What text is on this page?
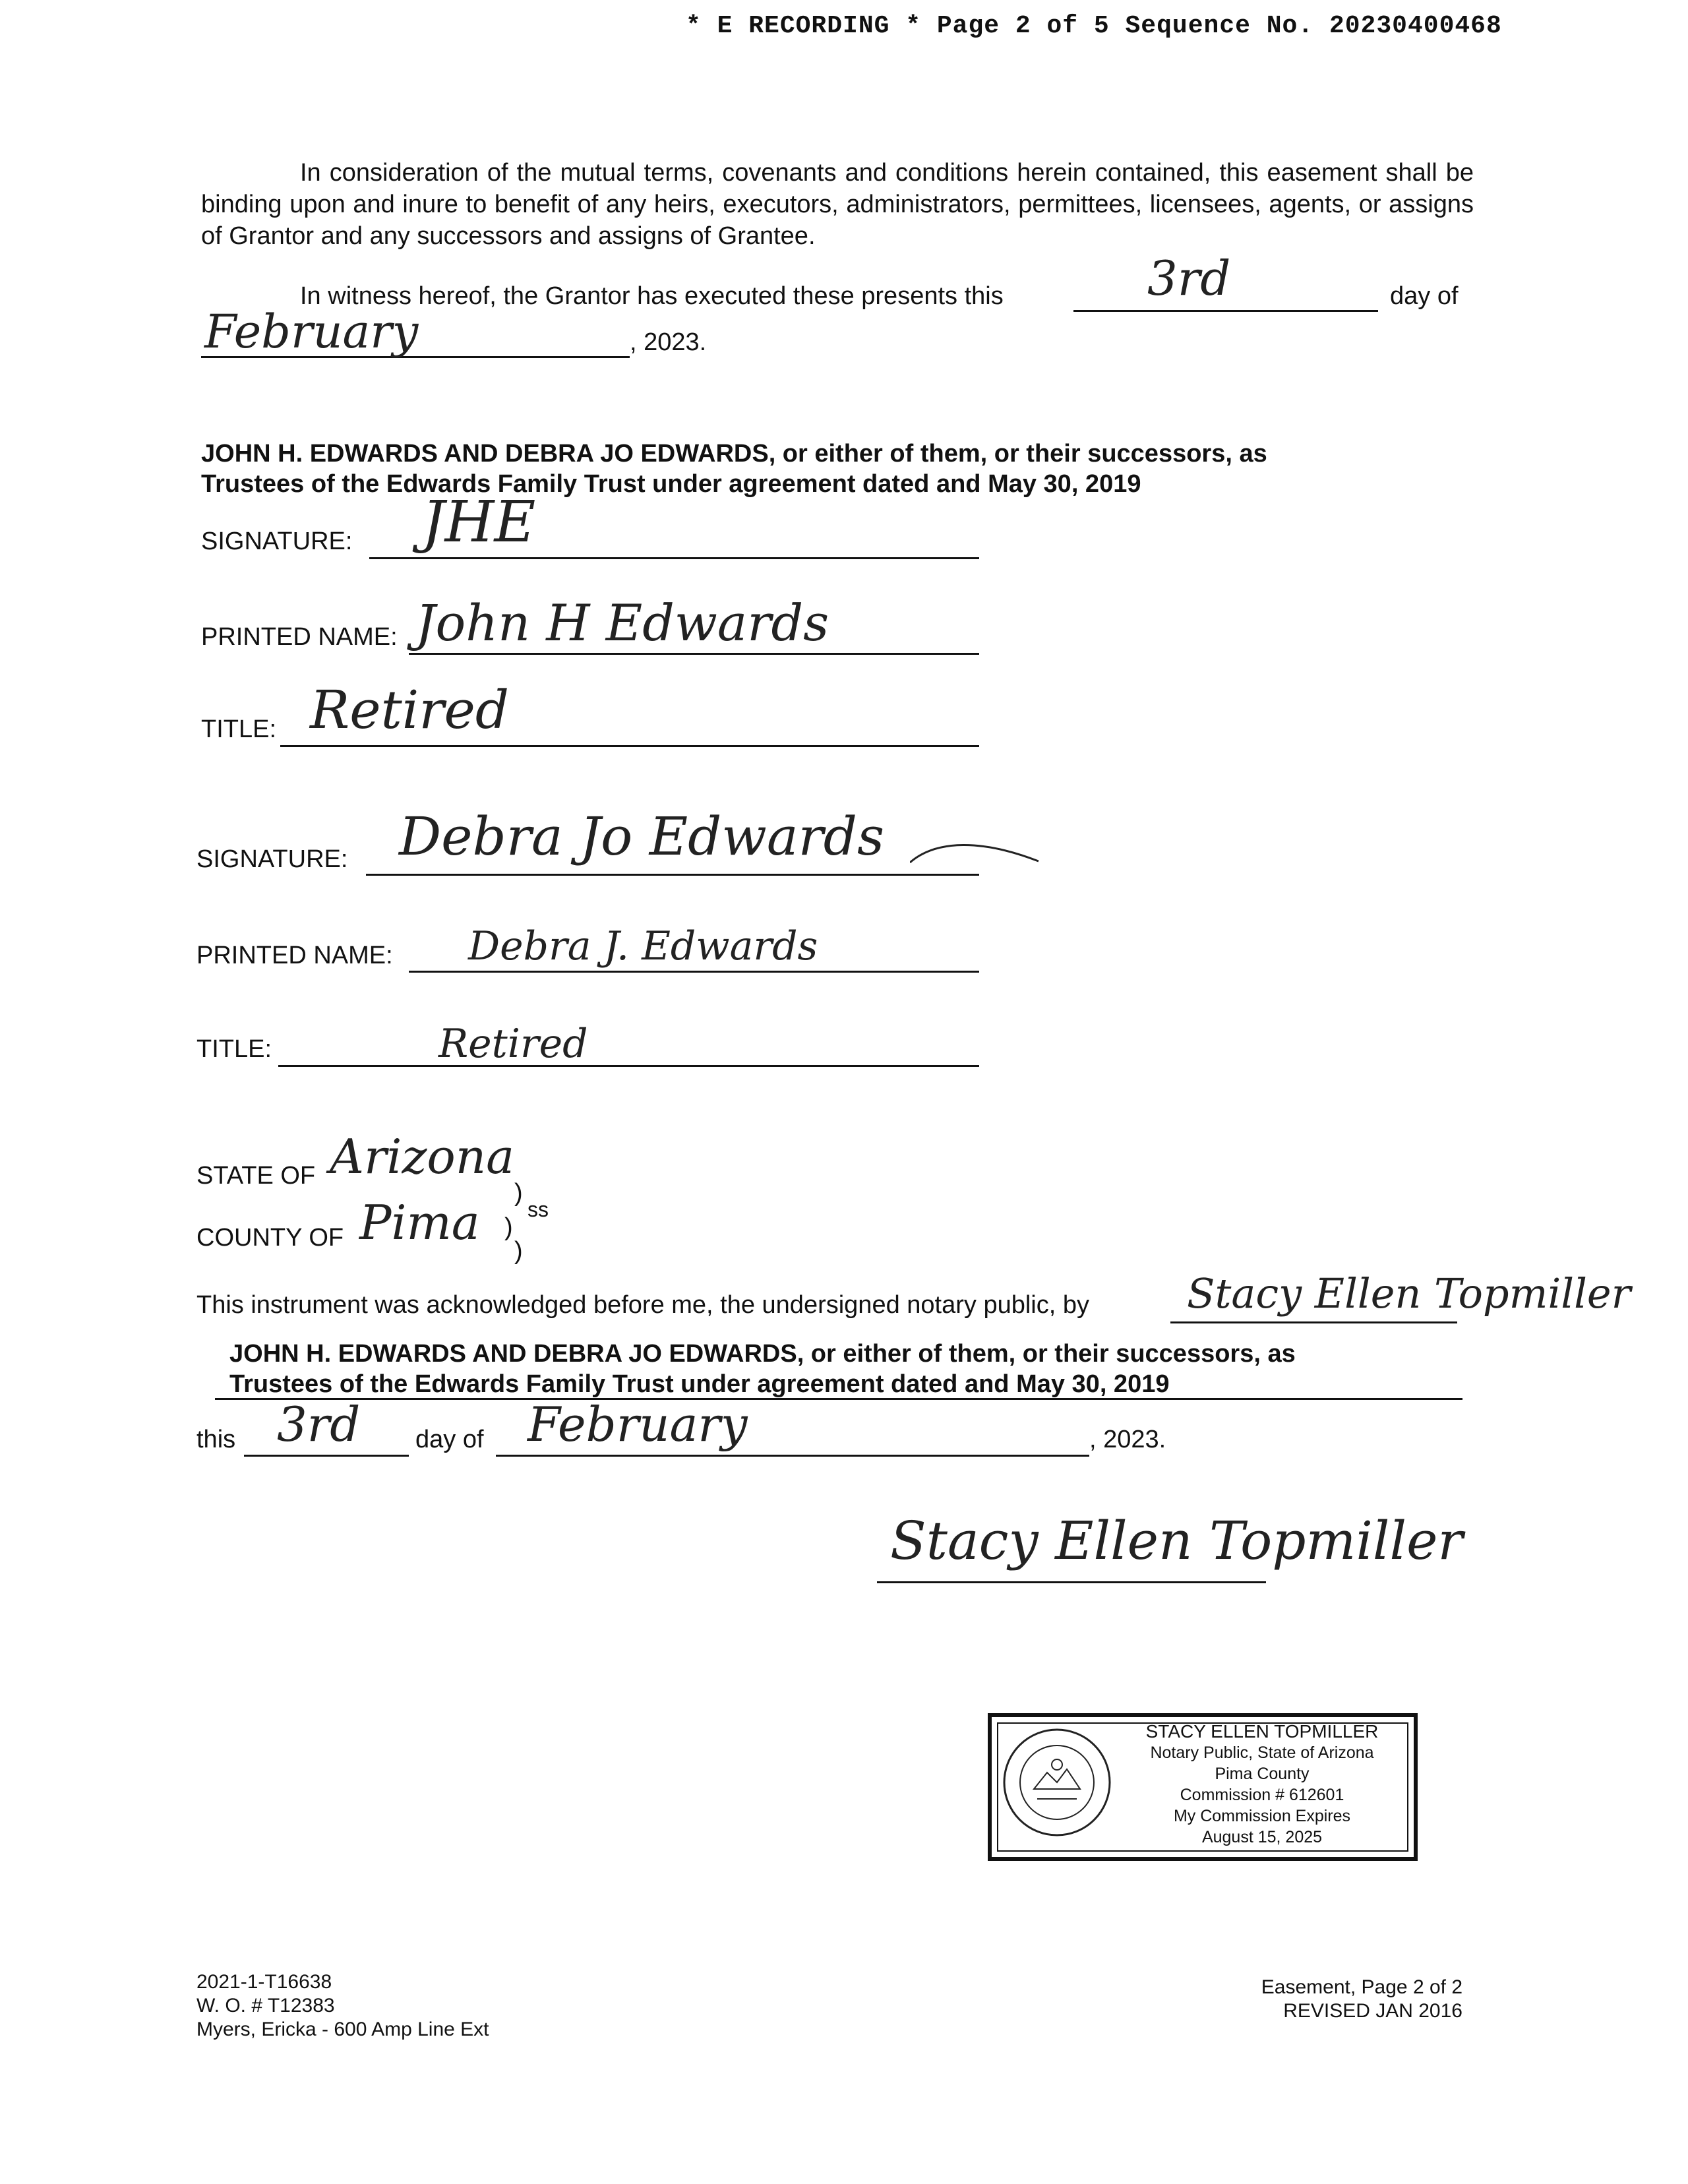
* E RECORDING * Page 2 of 5 Sequence No. 20230400468
In consideration of the mutual terms, covenants and conditions herein contained, this easement shall be binding upon and inure to benefit of any heirs, executors, administrators, permittees, licensees, agents, or assigns of Grantor and any successors and assigns of Grantee.
In witness hereof, the Grantor has executed these presents this	3rd	day of
February	, 2023.
JOHN H. EDWARDS AND DEBRA JO EDWARDS, or either of them, or their successors, as
Trustees of the Edwards Family Trust under agreement dated and May 30, 2019
SIGNATURE: JHE
PRINTED NAME: John H Edwards
TITLE: Retired
SIGNATURE: Debra Jo Edwards
PRINTED NAME: Debra J. Edwards
TITLE:	Retired
STATE OF Arizona
)
COUNTY OF Pima )
)
ss
This instrument was acknowledged before me, the undersigned notary public, by Stacy Ellen Topmiller
JOHN H. EDWARDS AND DEBRA JO EDWARDS, or either of them, or their successors, as
Trustees of the Edwards Family Trust under agreement dated and May 30, 2019
this 3rd day of February	, 2023.
Stacy Ellen Topmiller
STACY ELLEN TOPMILLER
Notary Public, State of Arizona
Pima County
Commission # 612601
My Commission Expires
August 15, 2025
2021-1-T16638
W. O. # T12383
Myers, Ericka - 600 Amp Line Ext
Easement, Page 2 of 2
REVISED JAN 2016
